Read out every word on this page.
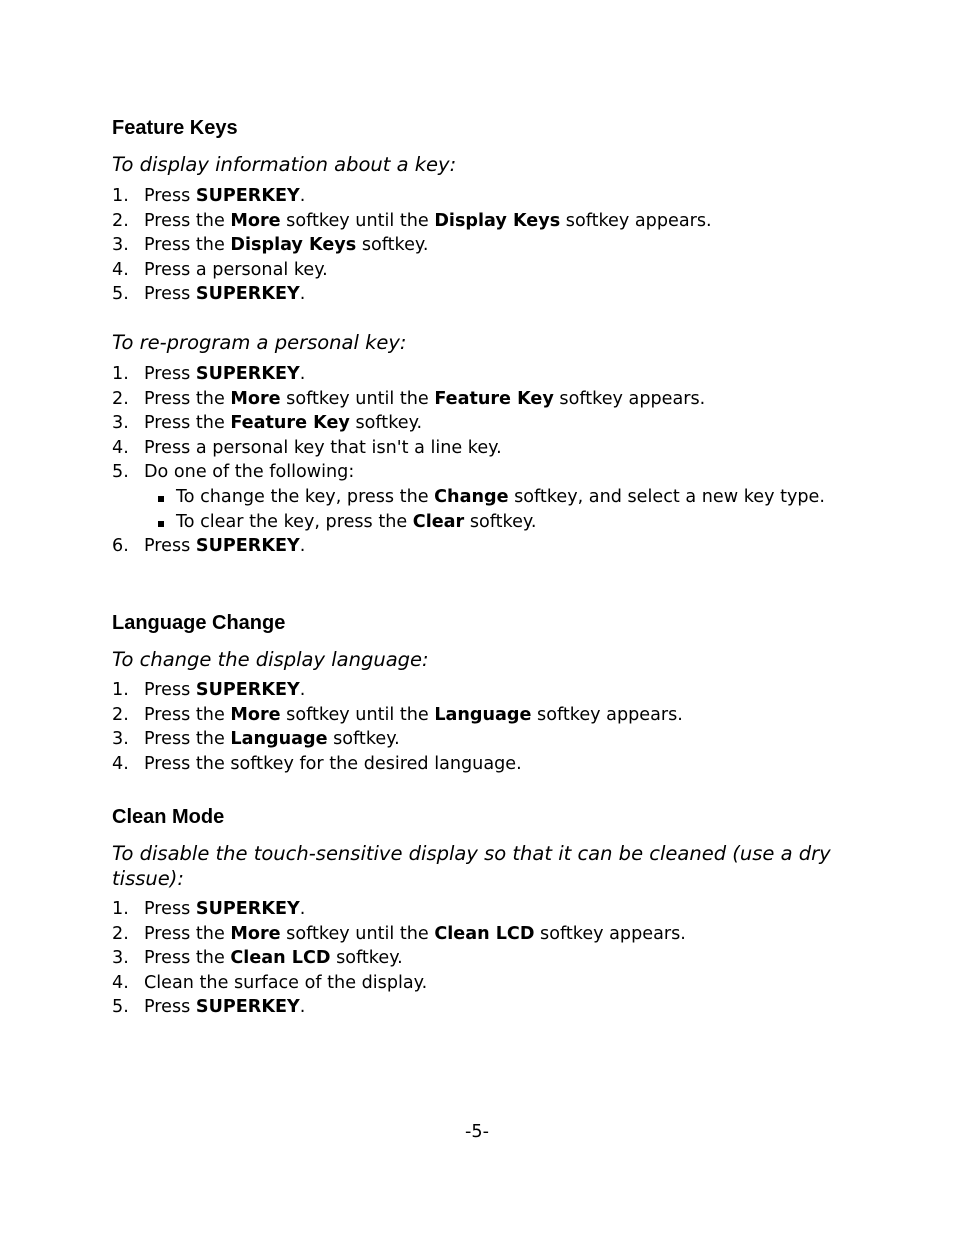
Feature Keys

To display information about a key:

1. Press SUPERKEY.
2. Press the More softkey until the Display Keys softkey appears.
3. Press the Display Keys softkey.
4. Press a personal key.
5. Press SUPERKEY.

To re-program a personal key:

1. Press SUPERKEY.
2. Press the More softkey until the Feature Key softkey appears.
3. Press the Feature Key softkey.
4. Press a personal key that isn't a line key.
5. Do one of the following:
To change the key, press the Change softkey, and select a new key type.
To clear the key, press the Clear softkey.
6. Press SUPERKEY.
Language Change

To change the display language:

1. Press SUPERKEY.
2. Press the More softkey until the Language softkey appears.
3. Press the Language softkey.
4. Press the softkey for the desired language.
Clean Mode

To disable the touch-sensitive display so that it can be cleaned (use a dry tissue):

1. Press SUPERKEY.
2. Press the More softkey until the Clean LCD softkey appears.
3. Press the Clean LCD softkey.
4. Clean the surface of the display.
5. Press SUPERKEY.
-5-
